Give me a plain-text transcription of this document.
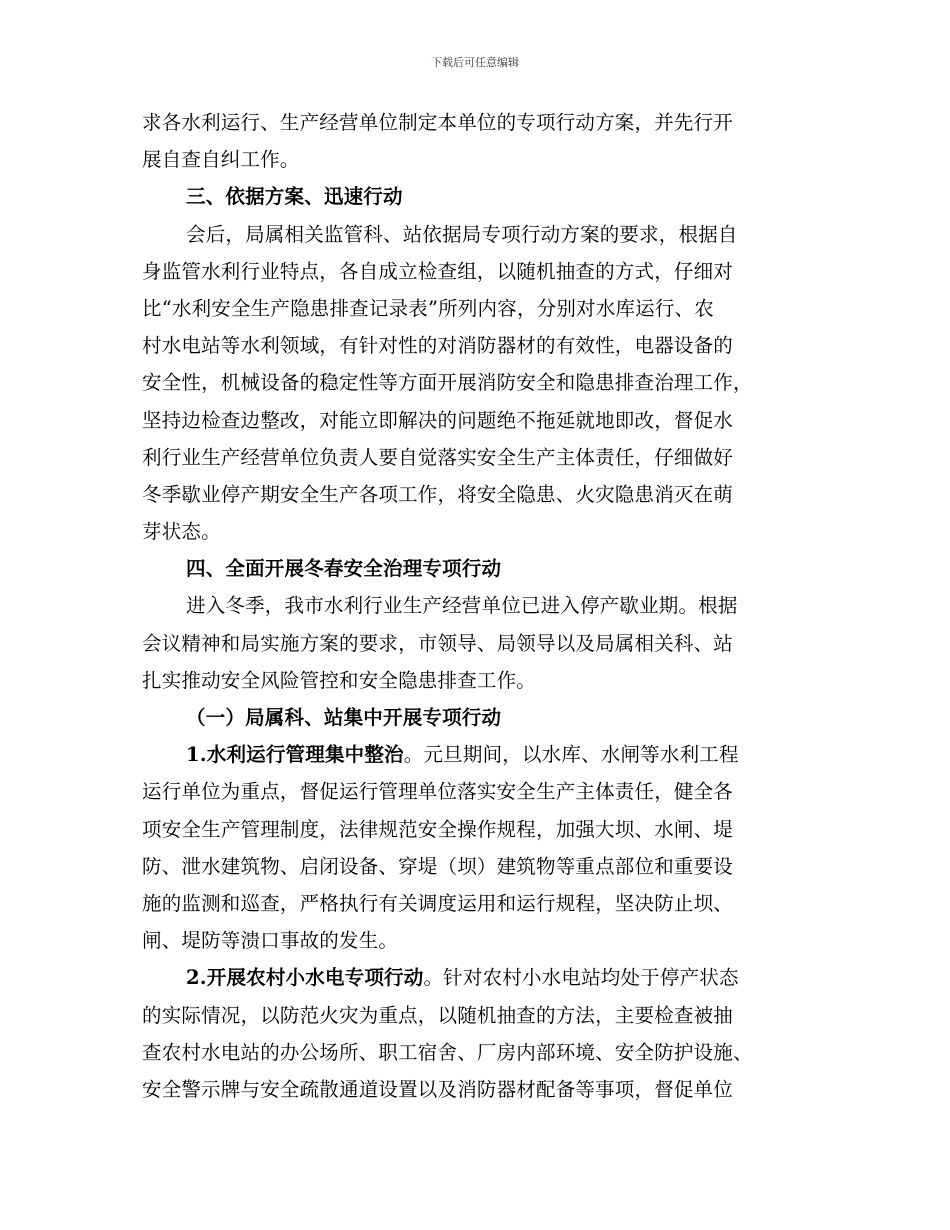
下载后可任意编辑
求各水利运行、生产经营单位制定本单位的专项行动方案，并先行开
展自查自纠工作。
三、依据方案、迅速行动
会后，局属相关监管科、站依据局专项行动方案的要求，根据自
身监管水利行业特点，各自成立检查组，以随机抽查的方式，仔细对
比“水利安全生产隐患排查记录表”所列内容，分别对水库运行、农
村水电站等水利领域，有针对性的对消防器材的有效性，电器设备的
安全性，机械设备的稳定性等方面开展消防安全和隐患排查治理工作，
坚持边检查边整改，对能立即解决的问题绝不拖延就地即改，督促水
利行业生产经营单位负责人要自觉落实安全生产主体责任，仔细做好
冬季歇业停产期安全生产各项工作，将安全隐患、火灾隐患消灭在萌
芽状态。
四、全面开展冬春安全治理专项行动
进入冬季，我市水利行业生产经营单位已进入停产歇业期。根据
会议精神和局实施方案的要求，市领导、局领导以及局属相关科、站
扎实推动安全风险管控和安全隐患排查工作。
（一）局属科、站集中开展专项行动
1.水利运行管理集中整治。元旦期间，以水库、水闸等水利工程
运行单位为重点，督促运行管理单位落实安全生产主体责任，健全各
项安全生产管理制度，法律规范安全操作规程，加强大坝、水闸、堤
防、泄水建筑物、启闭设备、穿堤（坝）建筑物等重点部位和重要设
施的监测和巡查，严格执行有关调度运用和运行规程，坚决防止坝、
闸、堤防等溃口事故的发生。
2.开展农村小水电专项行动。针对农村小水电站均处于停产状态
的实际情况，以防范火灾为重点，以随机抽查的方法，主要检查被抽
查农村水电站的办公场所、职工宿舍、厂房内部环境、安全防护设施、
安全警示牌与安全疏散通道设置以及消防器材配备等事项，督促单位
